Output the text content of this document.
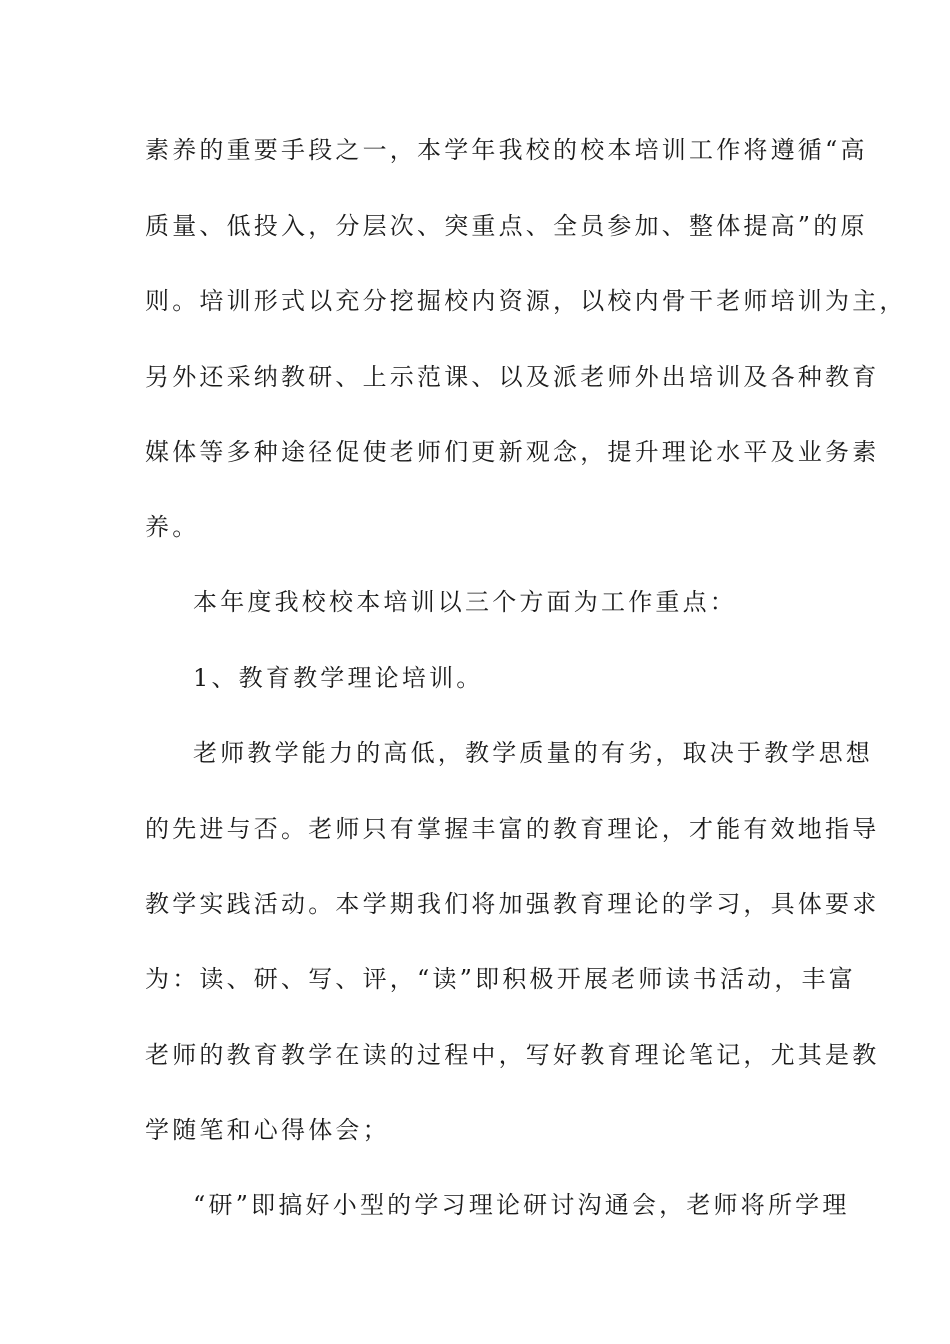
素养的重要手段之一，本学年我校的校本培训工作将遵循“高
质量、低投入，分层次、突重点、全员参加、整体提高”的原
则。培训形式以充分挖掘校内资源，以校内骨干老师培训为主，
另外还采纳教研、上示范课、以及派老师外出培训及各种教育
媒体等多种途径促使老师们更新观念，提升理论水平及业务素
养。
本年度我校校本培训以三个方面为工作重点：
1、教育教学理论培训。
老师教学能力的高低，教学质量的有劣，取决于教学思想
的先进与否。老师只有掌握丰富的教育理论，才能有效地指导
教学实践活动。本学期我们将加强教育理论的学习，具体要求
为：读、研、写、评，“读”即积极开展老师读书活动，丰富
老师的教育教学在读的过程中，写好教育理论笔记，尤其是教
学随笔和心得体会；
“研”即搞好小型的学习理论研讨沟通会，老师将所学理
